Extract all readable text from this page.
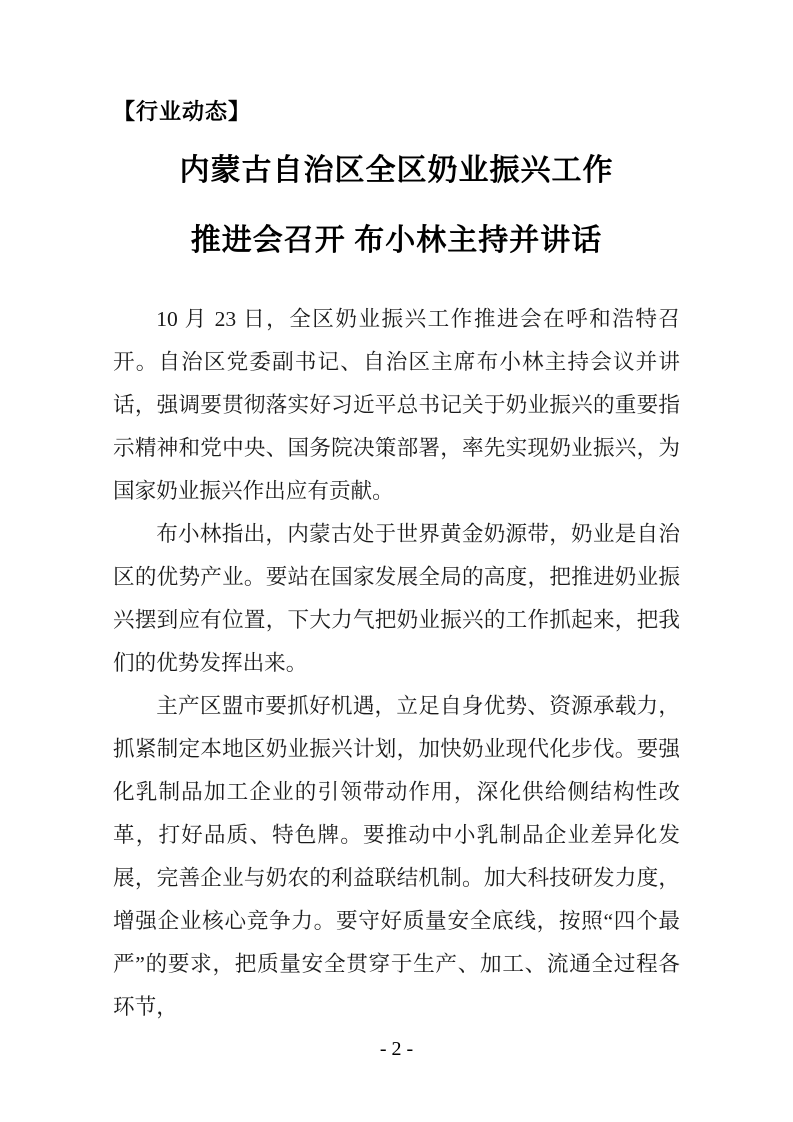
【行业动态】
内蒙古自治区全区奶业振兴工作
推进会召开 布小林主持并讲话

10 月 23 日，全区奶业振兴工作推进会在呼和浩特召开。自治区党委副书记、自治区主席布小林主持会议并讲话，强调要贯彻落实好习近平总书记关于奶业振兴的重要指示精神和党中央、国务院决策部署，率先实现奶业振兴，为国家奶业振兴作出应有贡献。

布小林指出，内蒙古处于世界黄金奶源带，奶业是自治区的优势产业。要站在国家发展全局的高度，把推进奶业振兴摆到应有位置，下大力气把奶业振兴的工作抓起来，把我们的优势发挥出来。

主产区盟市要抓好机遇，立足自身优势、资源承载力，抓紧制定本地区奶业振兴计划，加快奶业现代化步伐。要强化乳制品加工企业的引领带动作用，深化供给侧结构性改革，打好品质、特色牌。要推动中小乳制品企业差异化发展，完善企业与奶农的利益联结机制。加大科技研发力度，增强企业核心竞争力。要守好质量安全底线，按照“四个最严”的要求，把质量安全贯穿于生产、加工、流通全过程各环节，

- 2 -
